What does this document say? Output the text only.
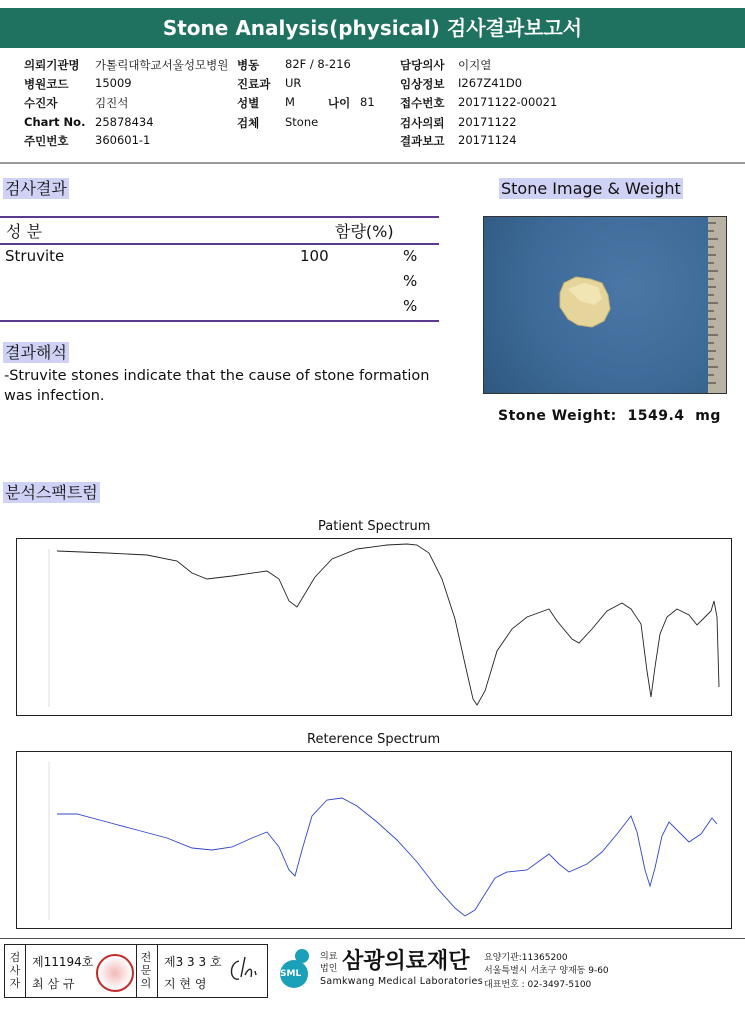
Stone Analysis(physical) 검사결과보고서
의뢰기관명 가톨릭대학교서울성모병원
병원코드 15009
수진자	김진석
Chart No. 25878434
주민번호 360601-1
병동 82F / 8-216
진료과 UR
성별 M	나이 81
검체 Stone
담당의사 이지열
임상정보 I267Z41D0
접수번호 20171122-00021
검사의뢰 20171122
결과보고 20171124
검사결과
성 분	함량(%)
Struvite	100	%
%
%
결과해석
-Struvite stones indicate that the cause of stone formation was infection.
Stone Image & Weight
Stone Weight: 1549.4 mg
분석스팩트럼
Patient Spectrum
Reterence Spectrum
검사자
제11194호
최 삼 규
전문의
제3 3 3 호
지 현 영
SML
의료
법인 삼광의료재단
Samkwang Medical Laboratories
요양기관:11365200
서울특별시 서초구 양재동 9-60
대표번호 : 02-3497-5100
